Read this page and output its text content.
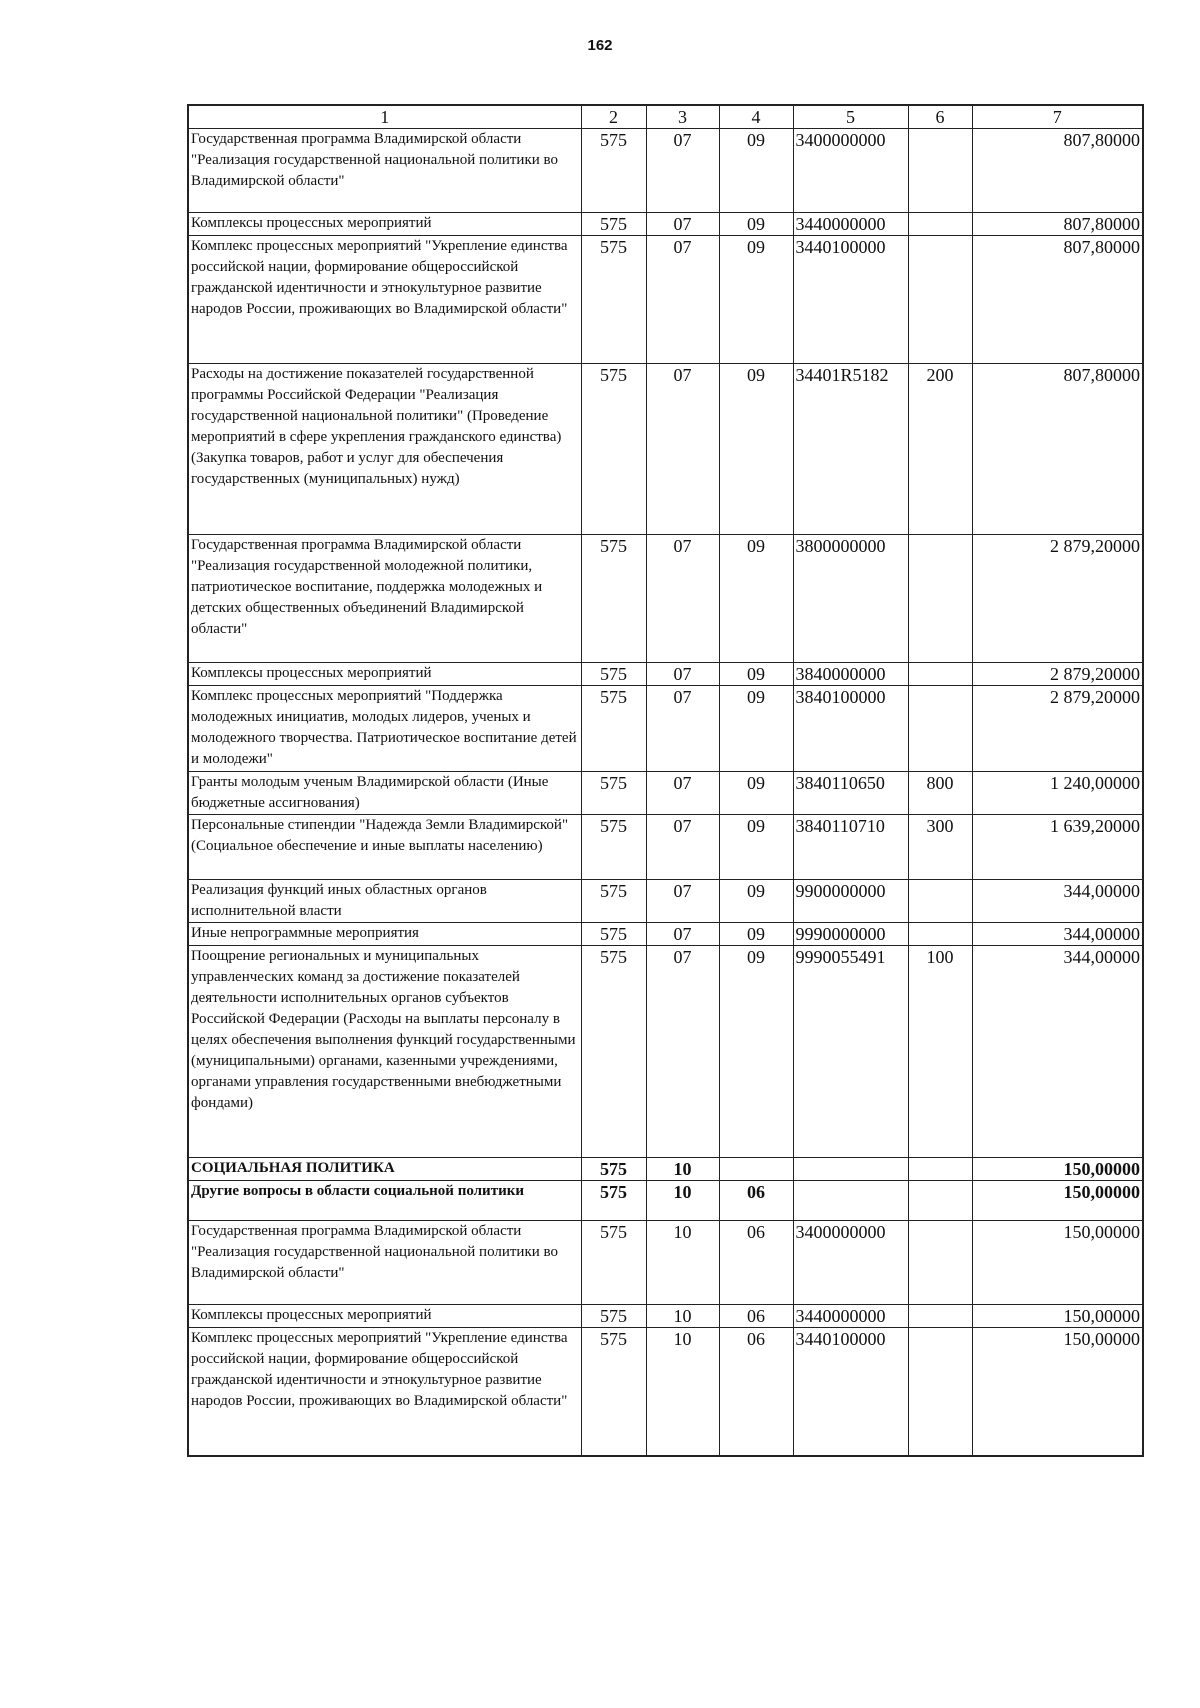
162
1	2	3	4	5	6	7
Государственная программа Владимирской области "Реализация государственной национальной политики во Владимирской области"	575	07	09	3400000000		807,80000
Комплексы процессных мероприятий	575	07	09	3440000000		807,80000
Комплекс процессных мероприятий "Укрепление единства российской нации, формирование общероссийской гражданской идентичности и этнокультурное развитие народов России, проживающих во Владимирской области"	575	07	09	3440100000		807,80000
Расходы на достижение показателей государственной программы Российской Федерации "Реализация государственной национальной политики" (Проведение мероприятий в сфере укрепления гражданского единства) (Закупка товаров, работ и услуг для обеспечения государственных (муниципальных) нужд)	575	07	09	34401R5182	200	807,80000
Государственная программа Владимирской области "Реализация государственной молодежной политики, патриотическое воспитание, поддержка молодежных и детских общественных объединений Владимирской области"	575	07	09	3800000000		2 879,20000
Комплексы процессных мероприятий	575	07	09	3840000000		2 879,20000
Комплекс процессных мероприятий "Поддержка молодежных инициатив, молодых лидеров, ученых и молодежного творчества. Патриотическое воспитание детей и молодежи"	575	07	09	3840100000		2 879,20000
Гранты молодым ученым Владимирской области (Иные бюджетные ассигнования)	575	07	09	3840110650	800	1 240,00000
Персональные стипендии "Надежда Земли Владимирской" (Социальное обеспечение и иные выплаты населению)	575	07	09	3840110710	300	1 639,20000
Реализация функций иных областных органов исполнительной власти	575	07	09	9900000000		344,00000
Иные непрограммные мероприятия	575	07	09	9990000000		344,00000
Поощрение региональных и муниципальных управленческих команд за достижение показателей деятельности исполнительных органов субъектов Российской Федерации (Расходы на выплаты персоналу в целях обеспечения выполнения функций государственными (муниципальными) органами, казенными учреждениями, органами управления государственными внебюджетными фондами)	575	07	09	9990055491	100	344,00000
СОЦИАЛЬНАЯ ПОЛИТИКА	575	10				150,00000
Другие вопросы в области социальной политики	575	10	06			150,00000
Государственная программа Владимирской области "Реализация государственной национальной политики во Владимирской области"	575	10	06	3400000000		150,00000
Комплексы процессных мероприятий	575	10	06	3440000000		150,00000
Комплекс процессных мероприятий "Укрепление единства российской нации, формирование общероссийской гражданской идентичности и этнокультурное развитие народов России, проживающих во Владимирской области"	575	10	06	3440100000		150,00000
